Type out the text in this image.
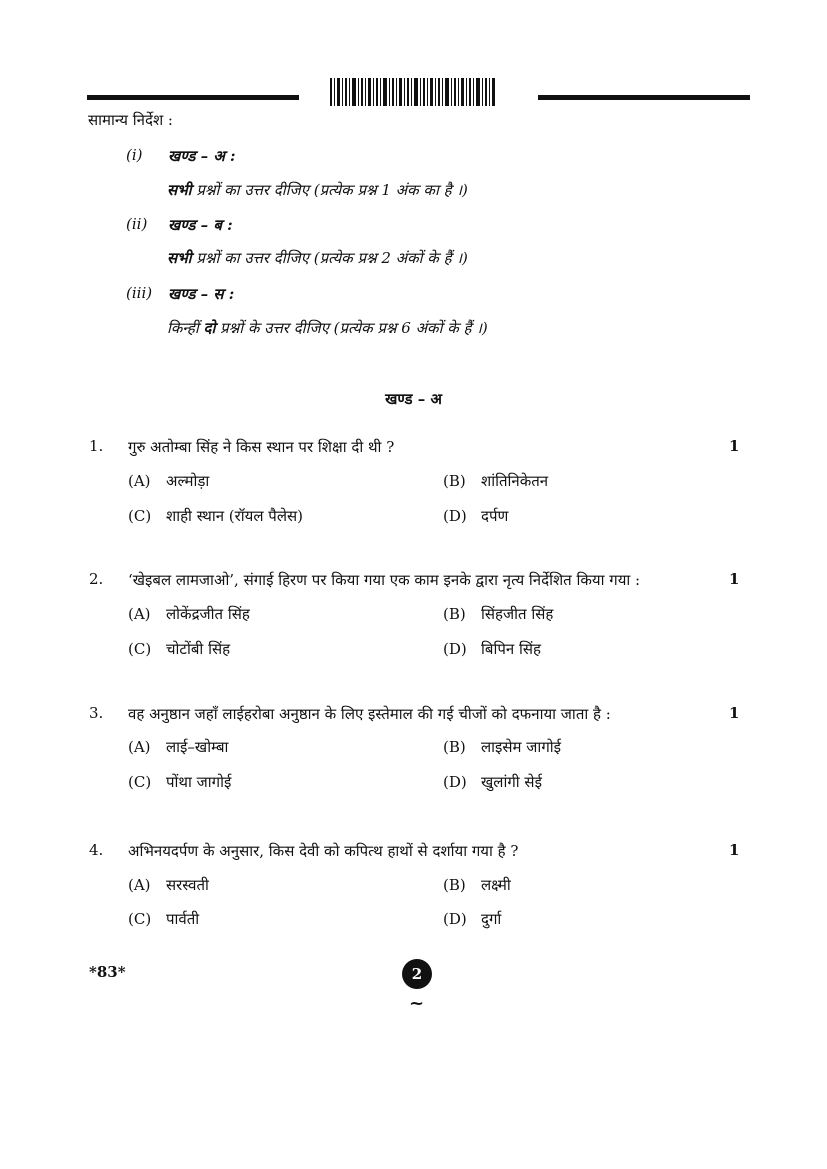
सामान्य निर्देश :
(i) खण्ड – अ :
सभी प्रश्नों का उत्तर दीजिए (प्रत्येक प्रश्न 1 अंक का है ।)
(ii) खण्ड – ब :
सभी प्रश्नों का उत्तर दीजिए (प्रत्येक प्रश्न 2 अंकों के हैं ।)
(iii) खण्ड – स :
किन्हीं दो प्रश्नों के उत्तर दीजिए (प्रत्येक प्रश्न 6 अंकों के हैं ।)
खण्ड – अ
1. गुरु अतोम्बा सिंह ने किस स्थान पर शिक्षा दी थी ?	1
(A) अल्मोड़ा	(B) शांतिनिकेतन
(C) शाही स्थान (रॉयल पैलेस)	(D) दर्पण
2. ‘खेइबल लामजाओ’, संगाई हिरण पर किया गया एक काम इनके द्वारा नृत्य निर्देशित किया गया :	1
(A) लोकेंद्रजीत सिंह	(B) सिंहजीत सिंह
(C) चोटोंबी सिंह	(D) बिपिन सिंह
3. वह अनुष्ठान जहाँ लाईहरोबा अनुष्ठान के लिए इस्तेमाल की गई चीजों को दफनाया जाता है :	1
(A) लाई–खोम्बा	(B) लाइसेम जागोई
(C) पोंथा जागोई	(D) खुलांगी सेई
4. अभिनयदर्पण के अनुसार, किस देवी को कपित्थ हाथों से दर्शाया गया है ?	1
(A) सरस्वती	(B) लक्ष्मी
(C) पार्वती	(D) दुर्गा
*83*	2
~
